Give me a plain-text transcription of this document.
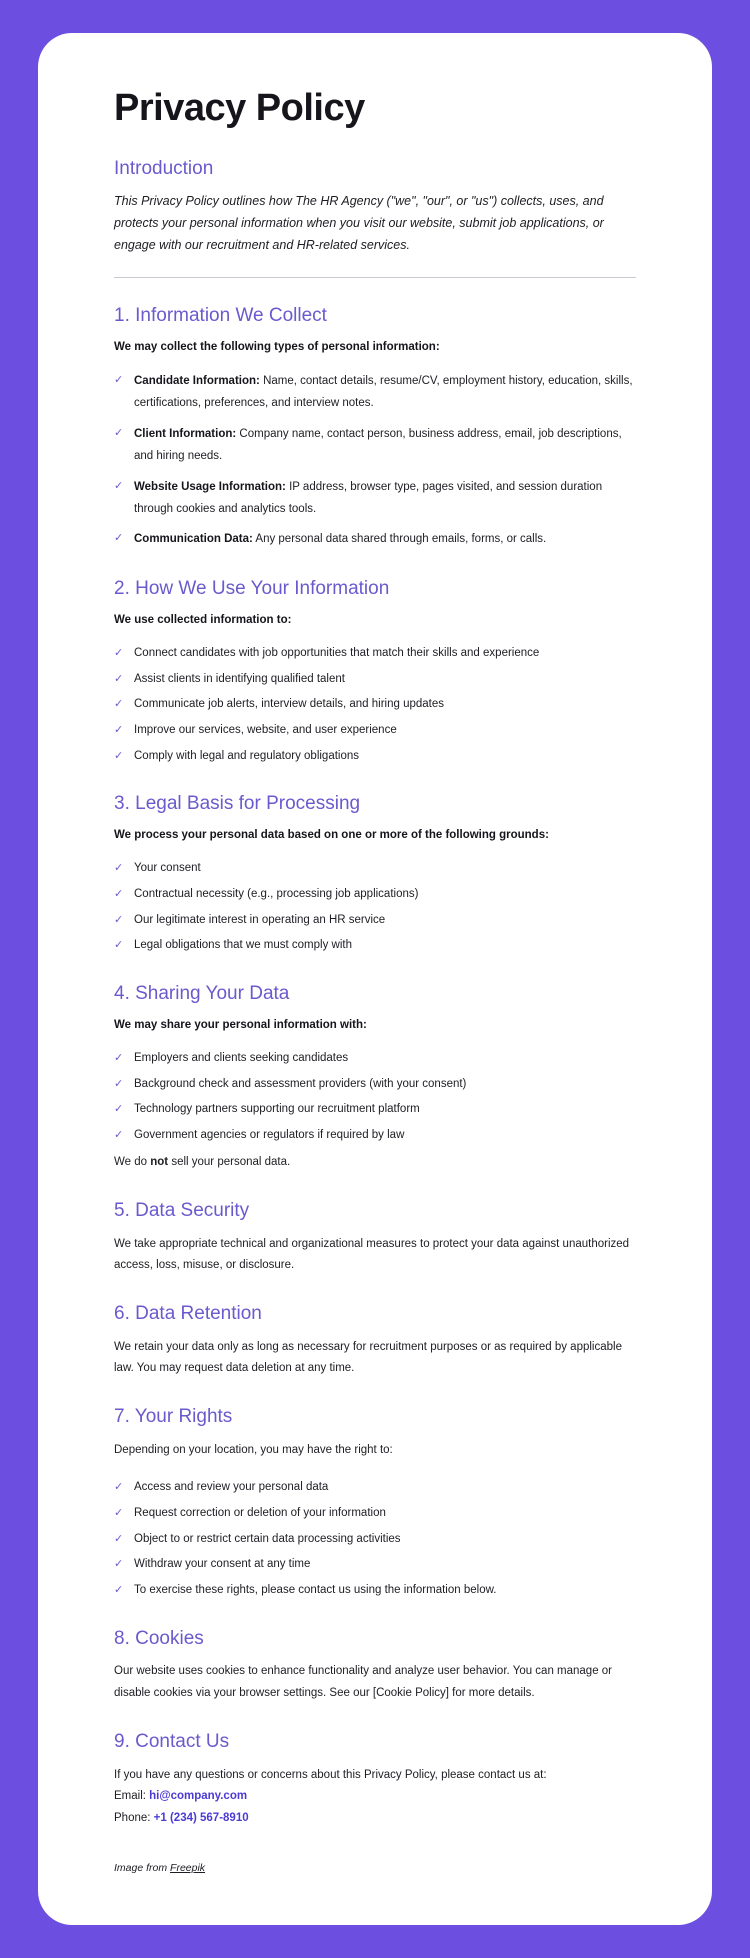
Privacy Policy
Introduction

This Privacy Policy outlines how The HR Agency ("we", "our", or "us") collects, uses, and protects your personal information when you visit our website, submit job applications, or engage with our recruitment and HR-related services.

1. Information We Collect

We may collect the following types of personal information:

✓ Candidate Information: Name, contact details, resume/CV, employment history, education, skills, certifications, preferences, and interview notes.
✓ Client Information: Company name, contact person, business address, email, job descriptions, and hiring needs.
✓ Website Usage Information: IP address, browser type, pages visited, and session duration through cookies and analytics tools.
✓ Communication Data: Any personal data shared through emails, forms, or calls.
2. How We Use Your Information

We use collected information to:

✓ Connect candidates with job opportunities that match their skills and experience
✓ Assist clients in identifying qualified talent
✓ Communicate job alerts, interview details, and hiring updates
✓ Improve our services, website, and user experience
✓ Comply with legal and regulatory obligations
3. Legal Basis for Processing

We process your personal data based on one or more of the following grounds:

✓ Your consent
✓ Contractual necessity (e.g., processing job applications)
✓ Our legitimate interest in operating an HR service
✓ Legal obligations that we must comply with
4. Sharing Your Data

We may share your personal information with:

✓ Employers and clients seeking candidates
✓ Background check and assessment providers (with your consent)
✓ Technology partners supporting our recruitment platform
✓ Government agencies or regulators if required by law

We do not sell your personal data.

5. Data Security

We take appropriate technical and organizational measures to protect your data against unauthorized access, loss, misuse, or disclosure.

6. Data Retention

We retain your data only as long as necessary for recruitment purposes or as required by applicable law. You may request data deletion at any time.

7. Your Rights

Depending on your location, you may have the right to:

✓ Access and review your personal data
✓ Request correction or deletion of your information
✓ Object to or restrict certain data processing activities
✓ Withdraw your consent at any time
✓ To exercise these rights, please contact us using the information below.
8. Cookies

Our website uses cookies to enhance functionality and analyze user behavior. You can manage or disable cookies via your browser settings. See our [Cookie Policy] for more details.

9. Contact Us

If you have any questions or concerns about this Privacy Policy, please contact us at:

Email: hi@company.com

Phone: +1 (234) 567-8910

Image from Freepik
